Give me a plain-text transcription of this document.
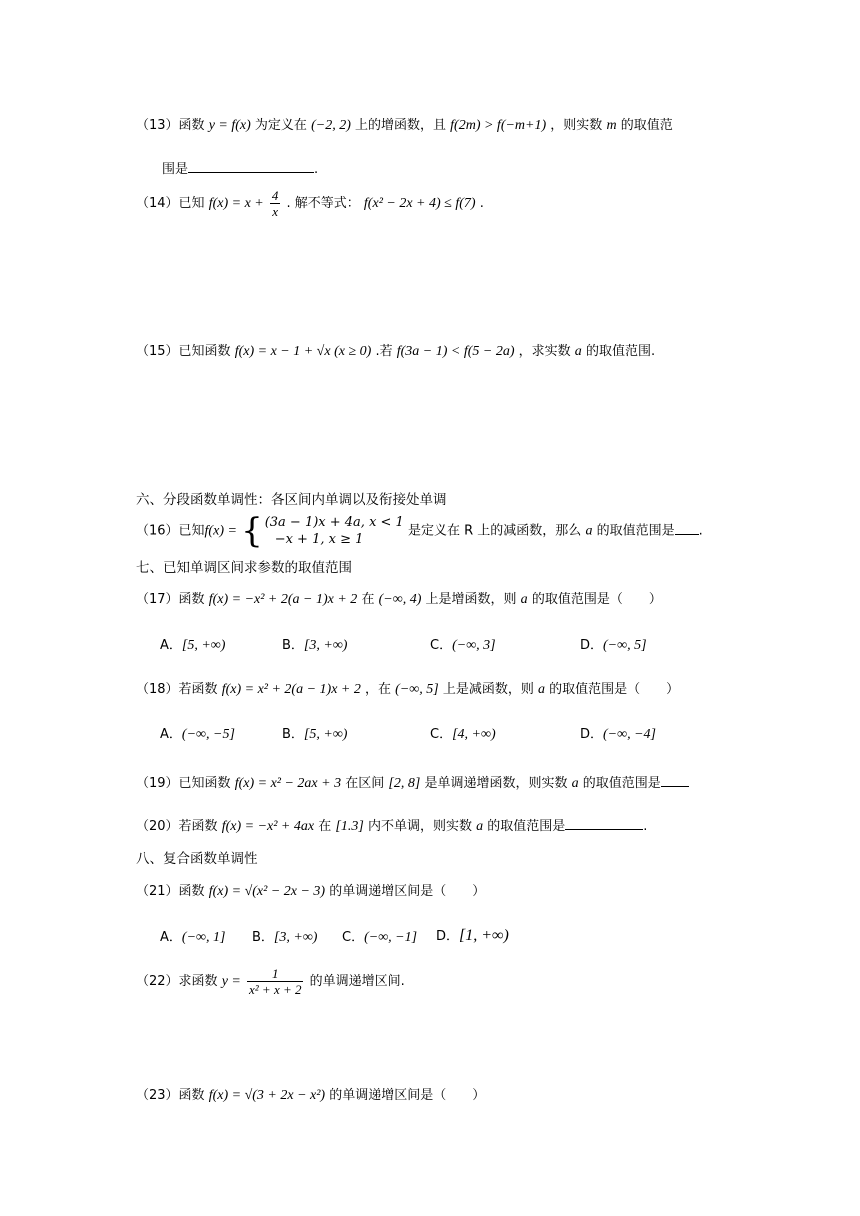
（13）函数 y = f(x) 为定义在 (−2, 2) 上的增函数，且 f(2m) > f(−m+1) ，则实数 m 的取值范
围是	.
（14）已知 $f(x) = x + \frac{4}{x}$ . 解不等式： f(x² − 2x + 4) ≤ f(7) .
（15）已知函数 f(x) = x − 1 + √x (x ≥ 0) .若 f(3a − 1) < f(5 − 2a) ，求实数 a 的取值范围.
六、分段函数单调性：各区间内单调以及衔接处单调
（16）已知f(x) = { (3a − 1)x + 4a, x < 1
−x + 1, x ≥ 1
是定义在 R 上的减函数，那么 a 的取值范围是 .
七、已知单调区间求参数的取值范围
（17）函数 f(x) = −x² + 2(a − 1)x + 2 在 (−∞, 4) 上是增函数，则 a 的取值范围是（　　）
A．[5, +∞)	B．[3, +∞)	C．(−∞, 3]	D．(−∞, 5]
（18）若函数 f(x) = x² + 2(a − 1)x + 2 ，在 (−∞, 5] 上是减函数，则 a 的取值范围是（　　）
A．(−∞, −5]	B．[5, +∞)	C．[4, +∞)	D．(−∞, −4]
（19）已知函数 f(x) = x² − 2ax + 3 在区间 [2, 8] 是单调递增函数，则实数 a 的取值范围是
（20）若函数 f(x) = −x² + 4ax 在 [1.3] 内不单调，则实数 a 的取值范围是	.
八、复合函数单调性
（21）函数 f(x) = √(x² − 2x − 3) 的单调递增区间是（　　）
A．(−∞, 1] B．[3, +∞) C．(−∞, −1] D．[1, +∞)
（22）求函数 $y = \frac{1}{\text{x² + x + 2}}$ 的单调递增区间.
（23）函数 f(x) = √(3 + 2x − x²) 的单调递增区间是（　　）
